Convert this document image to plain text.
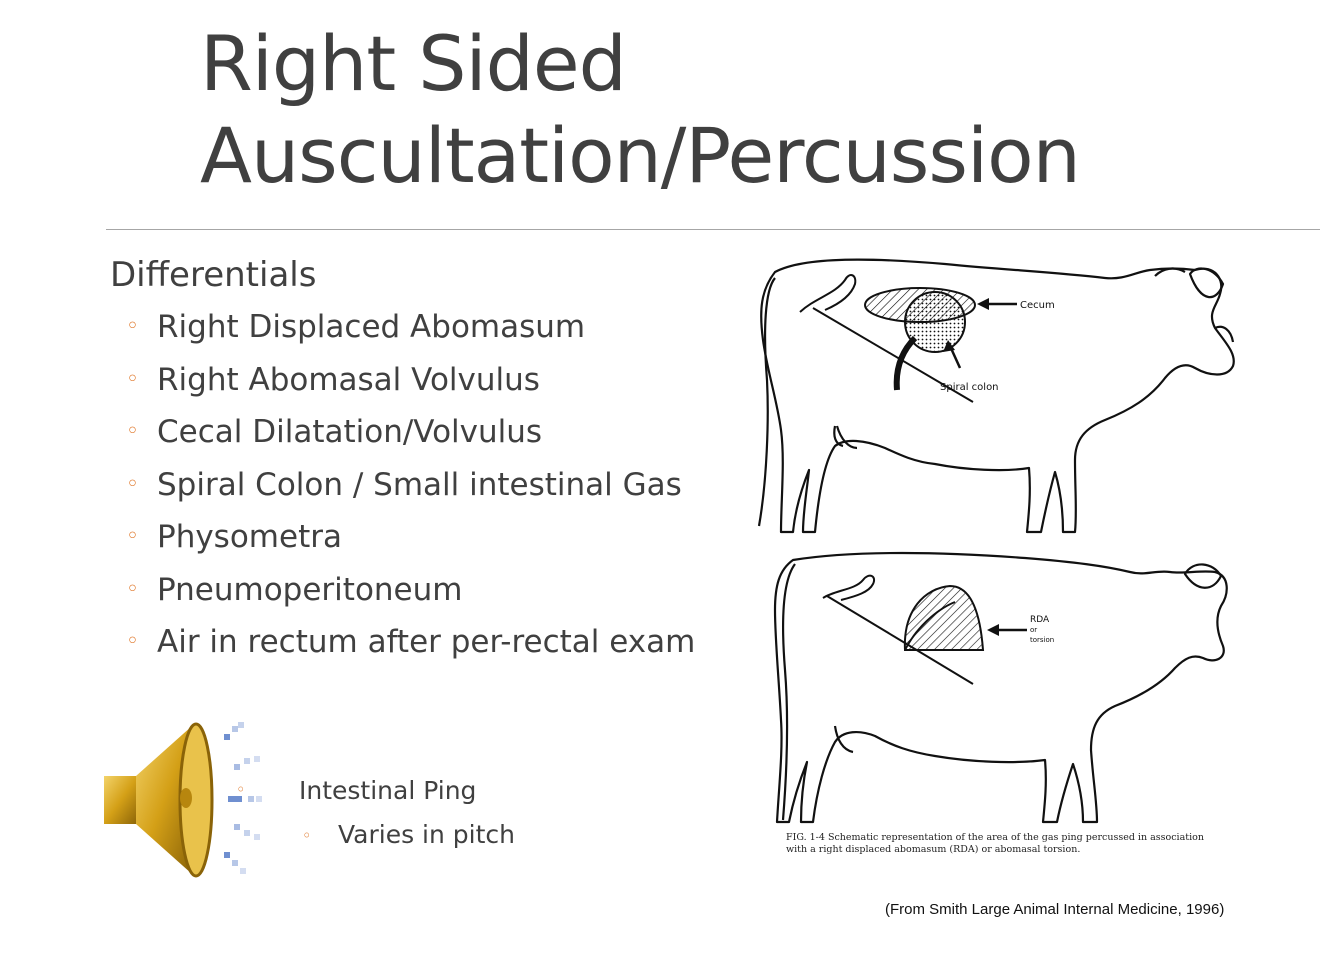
Right Sided
Auscultation/Percussion
Differentials
◦ Right Displaced Abomasum
◦ Right Abomasal Volvulus
◦ Cecal Dilatation/Volvulus
◦ Spiral Colon / Small intestinal Gas
◦ Physometra
◦ Pneumoperitoneum
◦ Air in rectum after per-rectal exam
◦ Intestinal Ping
◦ Varies in pitch
Cecum
Spiral colon
RDA
or
torsion
FIG. 1-4 Schematic representation of the area of the gas ping percussed in association with a right displaced abomasum (RDA) or abomasal torsion.
(From Smith Large Animal Internal Medicine, 1996)
